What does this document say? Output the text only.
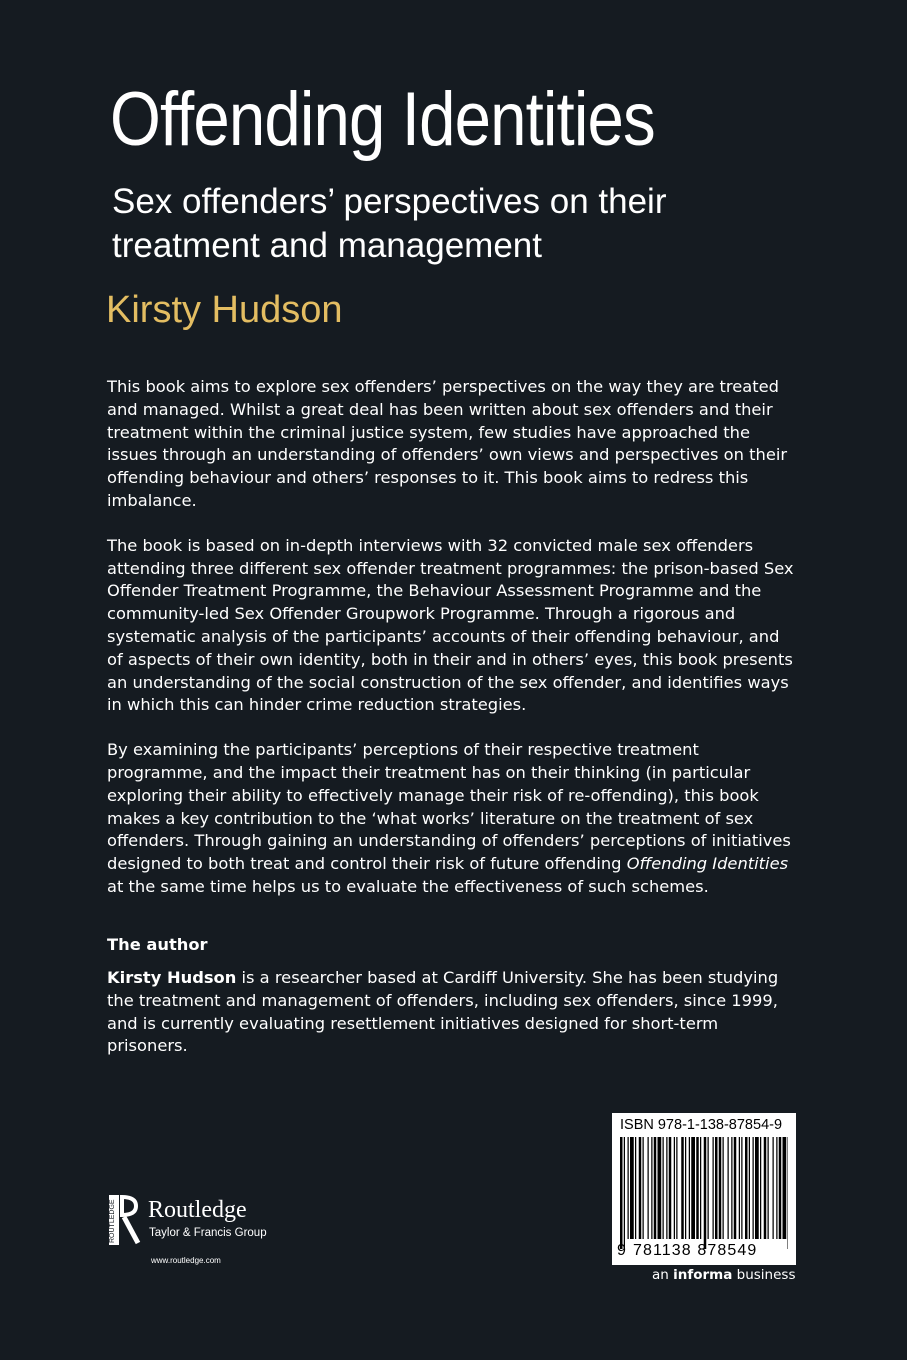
Offending Identities
Sex offenders’ perspectives on their treatment and management
Kirsty Hudson

This book aims to explore sex offenders’ perspectives on the way they are treated and managed. Whilst a great deal has been written about sex offenders and their treatment within the criminal justice system, few studies have approached the issues through an understanding of offenders’ own views and perspectives on their offending behaviour and others’ responses to it. This book aims to redress this imbalance.

The book is based on in-depth interviews with 32 convicted male sex offenders attending three different sex offender treatment programmes: the prison-based Sex Offender Treatment Programme, the Behaviour Assessment Programme and the community-led Sex Offender Groupwork Programme. Through a rigorous and systematic analysis of the participants’ accounts of their offending behaviour, and of aspects of their own identity, both in their and in others’ eyes, this book presents an understanding of the social construction of the sex offender, and identifies ways in which this can hinder crime reduction strategies.

By examining the participants’ perceptions of their respective treatment programme, and the impact their treatment has on their thinking (in particular exploring their ability to effectively manage their risk of re-offending), this book makes a key contribution to the ‘what works’ literature on the treatment of sex offenders. Through gaining an understanding of offenders’ perceptions of initiatives designed to both treat and control their risk of future offending Offending Identities at the same time helps us to evaluate the effectiveness of such schemes.

The author

Kirsty Hudson is a researcher based at Cardiff University. She has been studying the treatment and management of offenders, including sex offenders, since 1999, and is currently evaluating resettlement initiatives designed for short-term prisoners.

ISBN 978-1-138-87854-9
9 781138 878549
an informa business
ROUTLEDGE Routledge
Taylor & Francis Group
www.routledge.com
